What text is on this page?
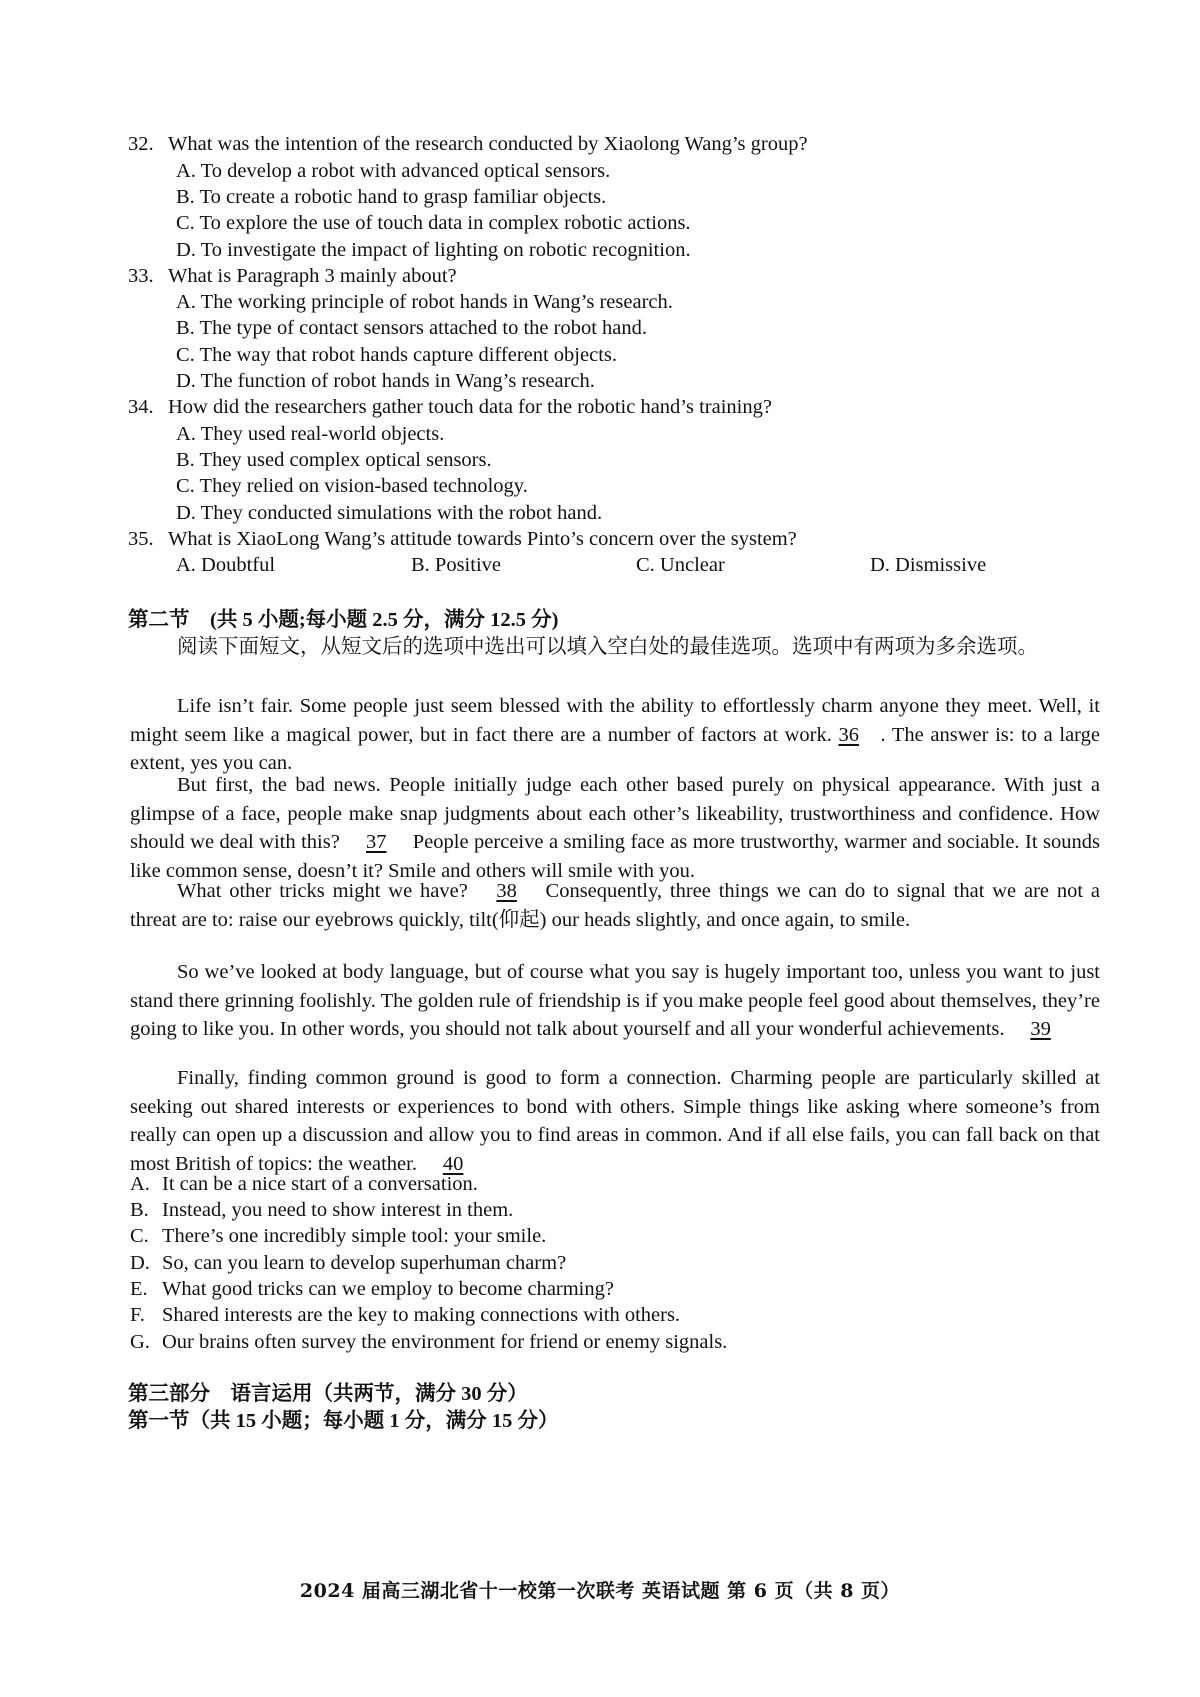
32. What was the intention of the research conducted by Xiaolong Wang’s group?
A. To develop a robot with advanced optical sensors.
B. To create a robotic hand to grasp familiar objects.
C. To explore the use of touch data in complex robotic actions.
D. To investigate the impact of lighting on robotic recognition.
33. What is Paragraph 3 mainly about?
A. The working principle of robot hands in Wang’s research.
B. The type of contact sensors attached to the robot hand.
C. The way that robot hands capture different objects.
D. The function of robot hands in Wang’s research.
34. How did the researchers gather touch data for the robotic hand’s training?
A. They used real-world objects.
B. They used complex optical sensors.
C. They relied on vision-based technology.
D. They conducted simulations with the robot hand.
35. What is XiaoLong Wang’s attitude towards Pinto’s concern over the system?
A. Doubtful	B. Positive	C. Unclear	D. Dismissive
第二节　(共 5 小题;每小题 2.5 分，满分 12.5 分)
阅读下面短文，从短文后的选项中选出可以填入空白处的最佳选项。选项中有两项为多余选项。
Life isn’t fair. Some people just seem blessed with the ability to effortlessly charm anyone they meet. Well, it might seem like a magical power, but in fact there are a number of factors at work. 36 . The answer is: to a large extent, yes you can.
But first, the bad news. People initially judge each other based purely on physical appearance. With just a glimpse of a face, people make snap judgments about each other’s likeability, trustworthiness and confidence. How should we deal with this? 37 People perceive a smiling face as more trustworthy, warmer and sociable. It sounds like common sense, doesn’t it? Smile and others will smile with you.
What other tricks might we have? 38 Consequently, three things we can do to signal that we are not a threat are to: raise our eyebrows quickly, tilt(仰起) our heads slightly, and once again, to smile.
So we’ve looked at body language, but of course what you say is hugely important too, unless you want to just stand there grinning foolishly. The golden rule of friendship is if you make people feel good about themselves, they’re going to like you. In other words, you should not talk about yourself and all your wonderful achievements. 39
Finally, finding common ground is good to form a connection. Charming people are particularly skilled at seeking out shared interests or experiences to bond with others. Simple things like asking where someone’s from really can open up a discussion and allow you to find areas in common. And if all else fails, you can fall back on that most British of topics: the weather. 40
A. It can be a nice start of a conversation.
B. Instead, you need to show interest in them.
C. There’s one incredibly simple tool: your smile.
D. So, can you learn to develop superhuman charm?
E. What good tricks can we employ to become charming?
F. Shared interests are the key to making connections with others.
G. Our brains often survey the environment for friend or enemy signals.
第三部分　语言运用（共两节，满分 30 分）
第一节（共 15 小题；每小题 1 分，满分 15 分）
2024 届高三湖北省十一校第一次联考 英语试题 第 6 页（共 8 页）
